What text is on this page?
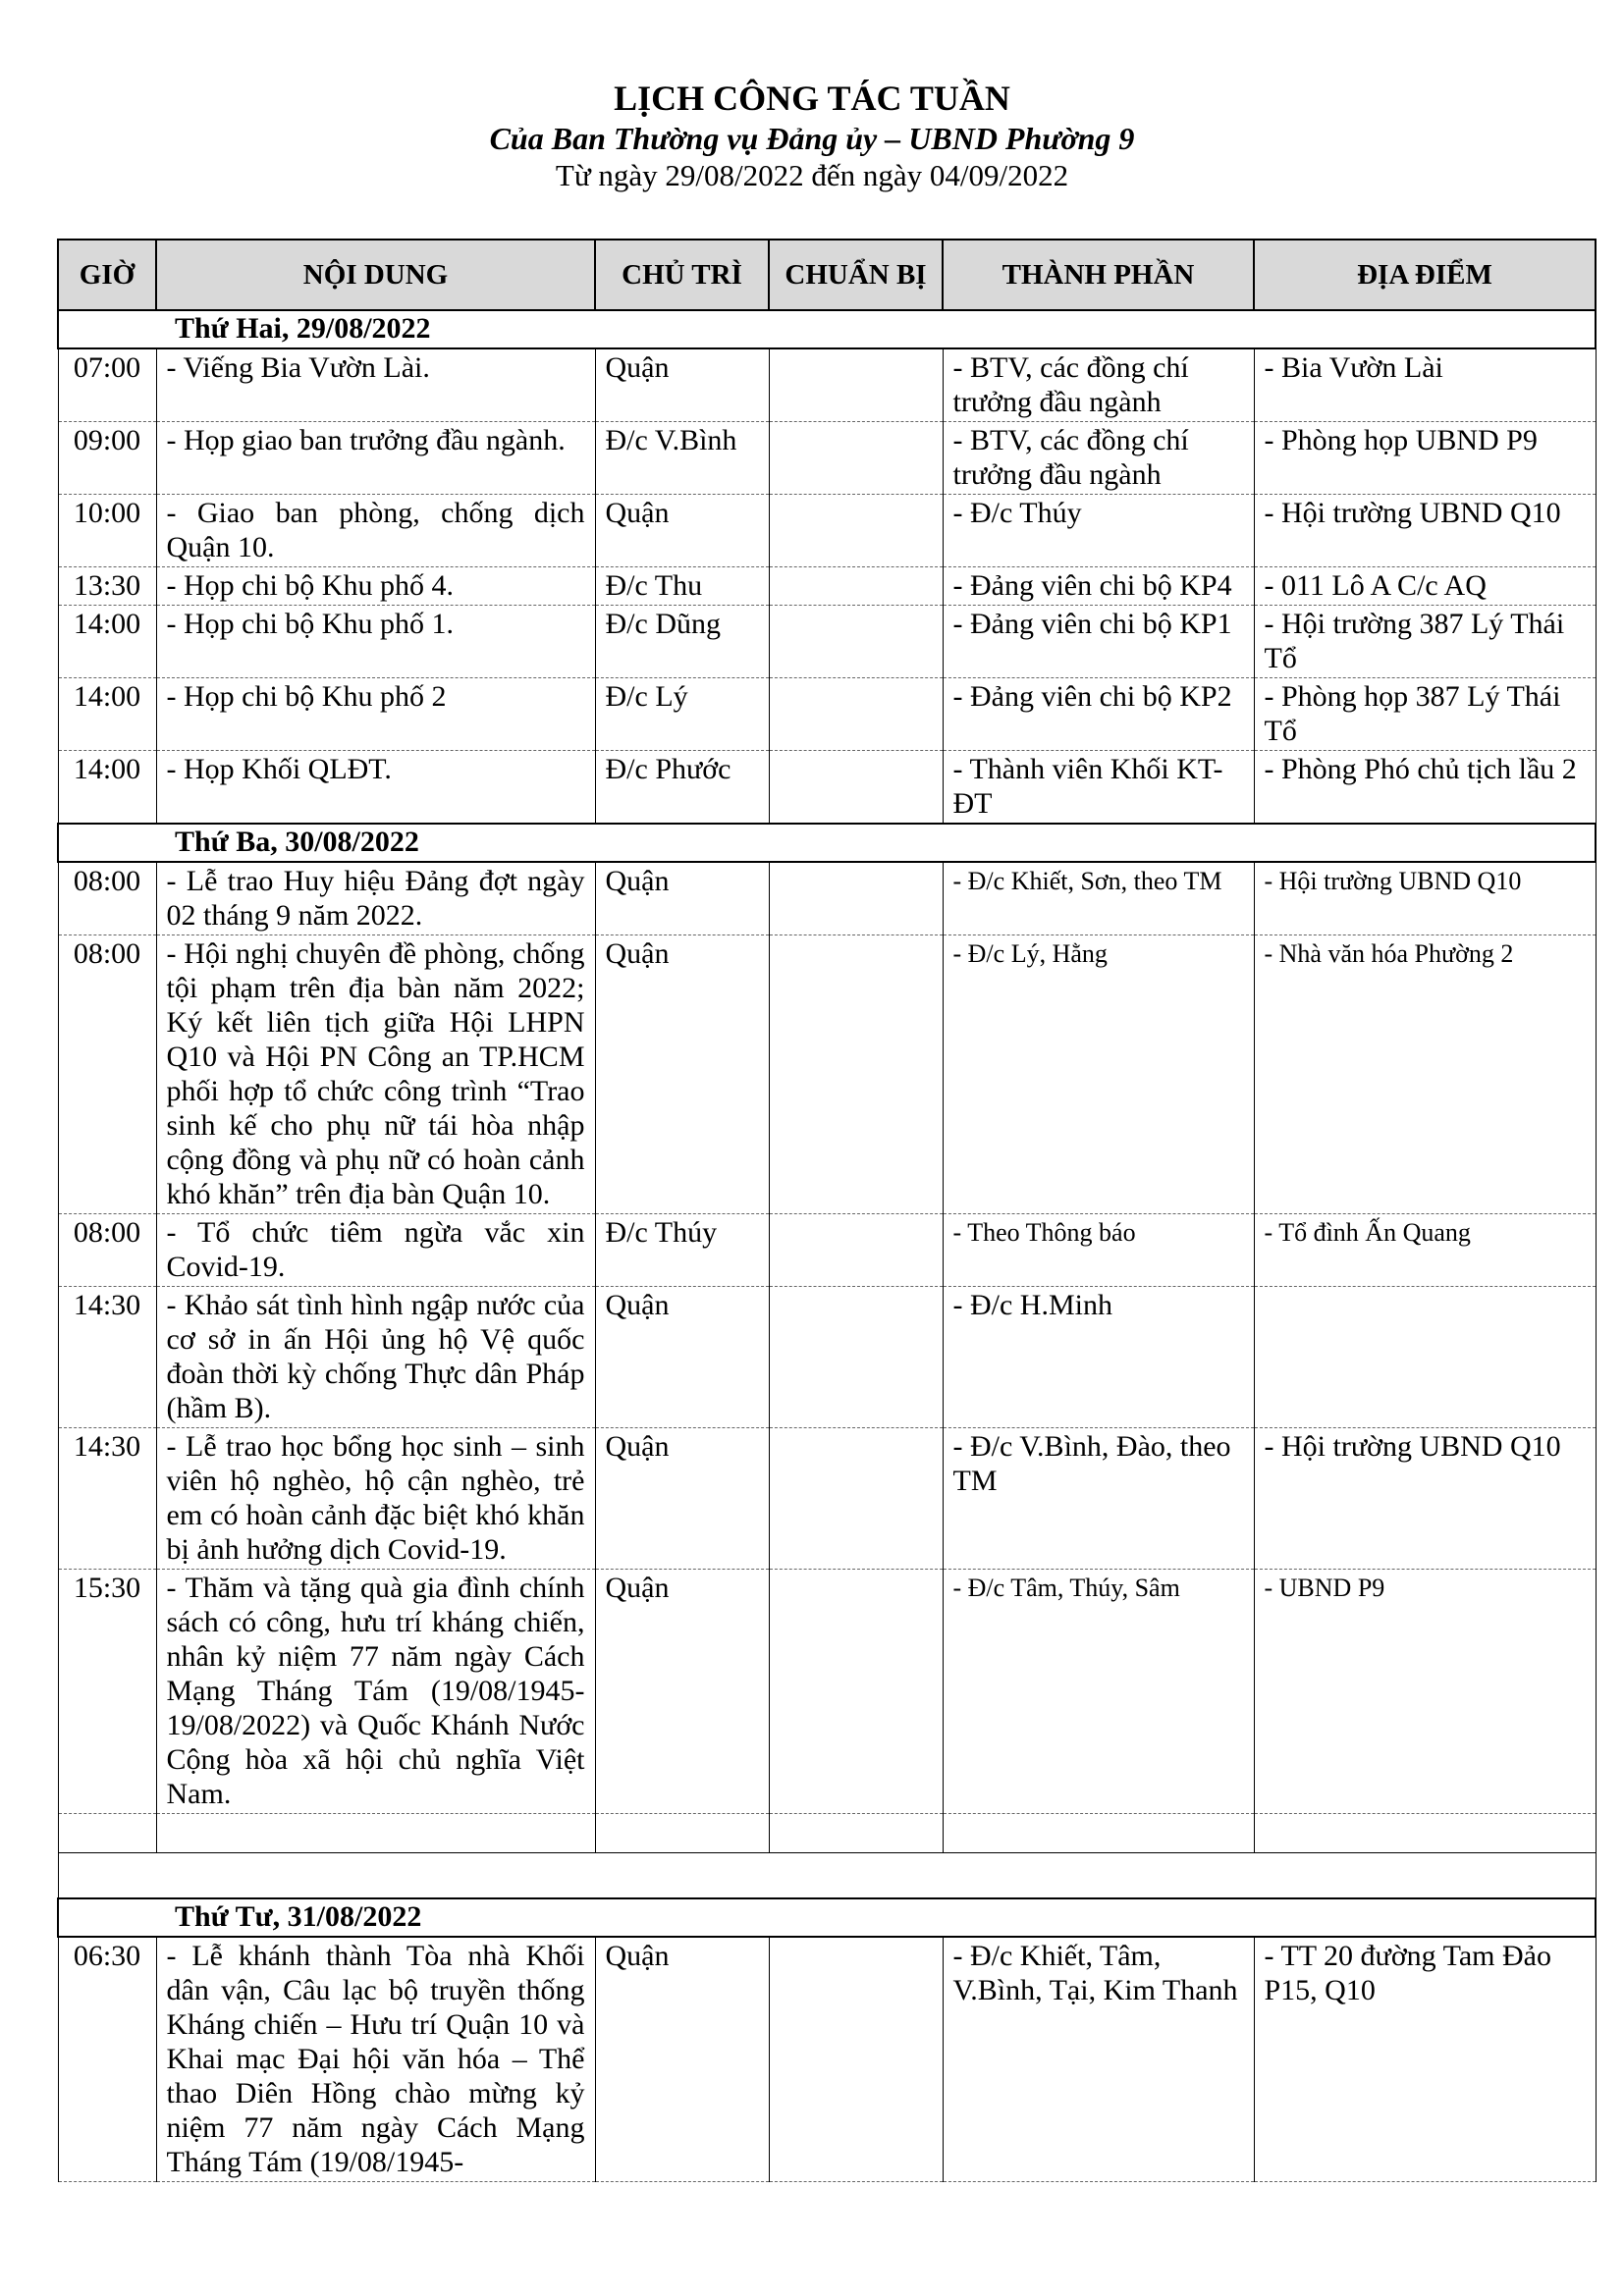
LỊCH CÔNG TÁC TUẦN
Của Ban Thường vụ Đảng ủy – UBND Phường 9
Từ ngày 29/08/2022 đến ngày 04/09/2022
GIỜ	NỘI DUNG	CHỦ TRÌ	CHUẨN BỊ	THÀNH PHẦN	ĐỊA ĐIỂM
Thứ Hai, 29/08/2022					
07:00	- Viếng Bia Vườn Lài.	Quận		- BTV, các đồng chí trưởng đầu ngành	- Bia Vườn Lài
09:00	- Họp giao ban trưởng đầu ngành.	Đ/c V.Bình		- BTV, các đồng chí trưởng đầu ngành	- Phòng họp UBND P9
10:00	- Giao ban phòng, chống dịch Quận 10.	Quận		- Đ/c Thúy	- Hội trường UBND Q10
13:30	- Họp chi bộ Khu phố 4.	Đ/c Thu		- Đảng viên chi bộ KP4	- 011 Lô A C/c AQ
14:00	- Họp chi bộ Khu phố 1.	Đ/c Dũng		- Đảng viên chi bộ KP1	- Hội trường 387 Lý Thái Tổ
14:00	- Họp chi bộ Khu phố 2	Đ/c Lý		- Đảng viên chi bộ KP2	- Phòng họp 387 Lý Thái Tổ
14:00	- Họp Khối QLĐT.	Đ/c Phước		- Thành viên Khối KT-ĐT	- Phòng Phó chủ tịch lầu 2
Thứ Ba, 30/08/2022					
08:00	- Lễ trao Huy hiệu Đảng đợt ngày 02 tháng 9 năm 2022.	Quận		- Đ/c Khiết, Sơn, theo TM	- Hội trường UBND Q10
08:00	- Hội nghị chuyên đề phòng, chống tội phạm trên địa bàn năm 2022; Ký kết liên tịch giữa Hội LHPN Q10 và Hội PN Công an TP.HCM phối hợp tổ chức công trình “Trao sinh kế cho phụ nữ tái hòa nhập cộng đồng và phụ nữ có hoàn cảnh khó khăn” trên địa bàn Quận 10.	Quận		- Đ/c Lý, Hằng	- Nhà văn hóa Phường 2
08:00	- Tổ chức tiêm ngừa vắc xin Covid-19.	Đ/c Thúy		- Theo Thông báo	- Tổ đình Ấn Quang
14:30	- Khảo sát tình hình ngập nước của cơ sở in ấn Hội ủng hộ Vệ quốc đoàn thời kỳ chống Thực dân Pháp (hầm B).	Quận		- Đ/c H.Minh	
14:30	- Lễ trao học bổng học sinh – sinh viên hộ nghèo, hộ cận nghèo, trẻ em có hoàn cảnh đặc biệt khó khăn bị ảnh hưởng dịch Covid-19.	Quận		- Đ/c V.Bình, Đào, theo TM	- Hội trường UBND Q10
15:30	- Thăm và tặng quà gia đình chính sách có công, hưu trí kháng chiến, nhân kỷ niệm 77 năm ngày Cách Mạng Tháng Tám (19/08/1945-19/08/2022) và Quốc Khánh Nước Cộng hòa xã hội chủ nghĩa Việt Nam.	Quận		- Đ/c Tâm, Thúy, Sâm	- UBND P9

Thứ Tư, 31/08/2022					
06:30	- Lễ khánh thành Tòa nhà Khối dân vận, Câu lạc bộ truyền thống Kháng chiến – Hưu trí Quận 10 và Khai mạc Đại hội văn hóa – Thể thao Diên Hồng chào mừng kỷ niệm 77 năm ngày Cách Mạng Tháng Tám (19/08/1945-	Quận		- Đ/c Khiết, Tâm, V.Bình, Tại, Kim Thanh	- TT 20 đường Tam Đảo P15, Q10
